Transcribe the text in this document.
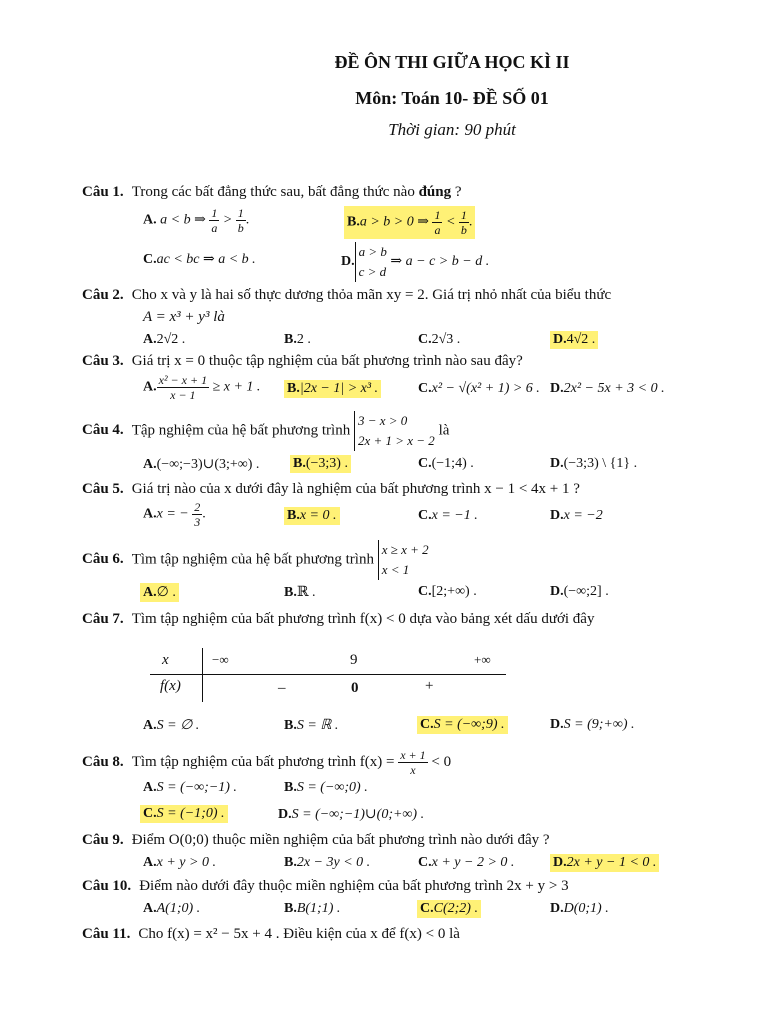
ĐỀ ÔN THI GIỮA HỌC KÌ II
Môn: Toán 10- ĐỀ SỐ 01
Thời gian: 90 phút
Câu 1. Trong các bất đẳng thức sau, bất đẳng thức nào đúng ?
A. a < b ⇒ $\frac{1}{a} > \frac{1}{b}$ .	B.a > b > 0 ⇒ $\frac{1}{a} < \frac{1}{b}$ .
C.ac < bc ⇒ a < b .	D.
a > b
c > d
⇒ a − c > b − d .
Câu 2. Cho x và y là hai số thực dương thỏa mãn xy = 2. Giá trị nhỏ nhất của biểu thức
A = x³ + y³ là
A.2√2 .	B.2 .	C.2√3 .	D.4√2 .
Câu 3. Giá trị x = 0 thuộc tập nghiệm của bất phương trình nào sau đây?
A. $\frac{\text{x² − x + 1}}{x - 1} \ge x + 1$ . B.|2x − 1| > x³ .	C.x² − √(x² + 1) > 6 . D.2x² − 5x + 3 < 0 .
Câu 4. Tập nghiệm của hệ bất phương trình
3 − x > 0
2x + 1 > x − 2
là
A.(−∞;−3)∪(3;+∞) . B.(−3;3) .	C.(−1;4) .	D.(−3;3) \ {1} .
Câu 5. Giá trị nào của x dưới đây là nghiệm của bất phương trình x − 1 < 4x + 1 ?
A.x = − $\frac{2}{3}$ .	B.x = 0 .	C.x = −1 .	D.x = −2
Câu 6. Tìm tập nghiệm của hệ bất phương trình
x ≥ x + 2
x < 1
A.∅ .	B.ℝ .	C.[2;+∞) .	D.(−∞;2] .
Câu 7. Tìm tập nghiệm của bất phương trình f(x) < 0 dựa vào bảng xét dấu dưới đây
x	−∞	9	+∞
f(x)	–	0	+
A.S = ∅ .	B.S = ℝ .	C.S = (−∞;9) .	D.S = (9;+∞) .
Câu 8. Tìm tập nghiệm của bất phương trình $f(x) = \frac{x + 1}{x} < 0$
A.S = (−∞;−1) .	B.S = (−∞;0) .
C.S = (−1;0) .	D.S = (−∞;−1)∪(0;+∞) .
Câu 9. Điểm O(0;0) thuộc miền nghiệm của bất phương trình nào dưới đây ?
A.x + y > 0 .	B.2x − 3y < 0 .	C.x + y − 2 > 0 .	D.2x + y − 1 < 0 .
Câu 10. Điểm nào dưới đây thuộc miền nghiệm của bất phương trình 2x + y > 3
A.A(1;0) .	B.B(1;1) .	C.C(2;2) .	D.D(0;1) .
Câu 11. Cho f(x) = x² − 5x + 4 . Điều kiện của x để f(x) < 0 là
